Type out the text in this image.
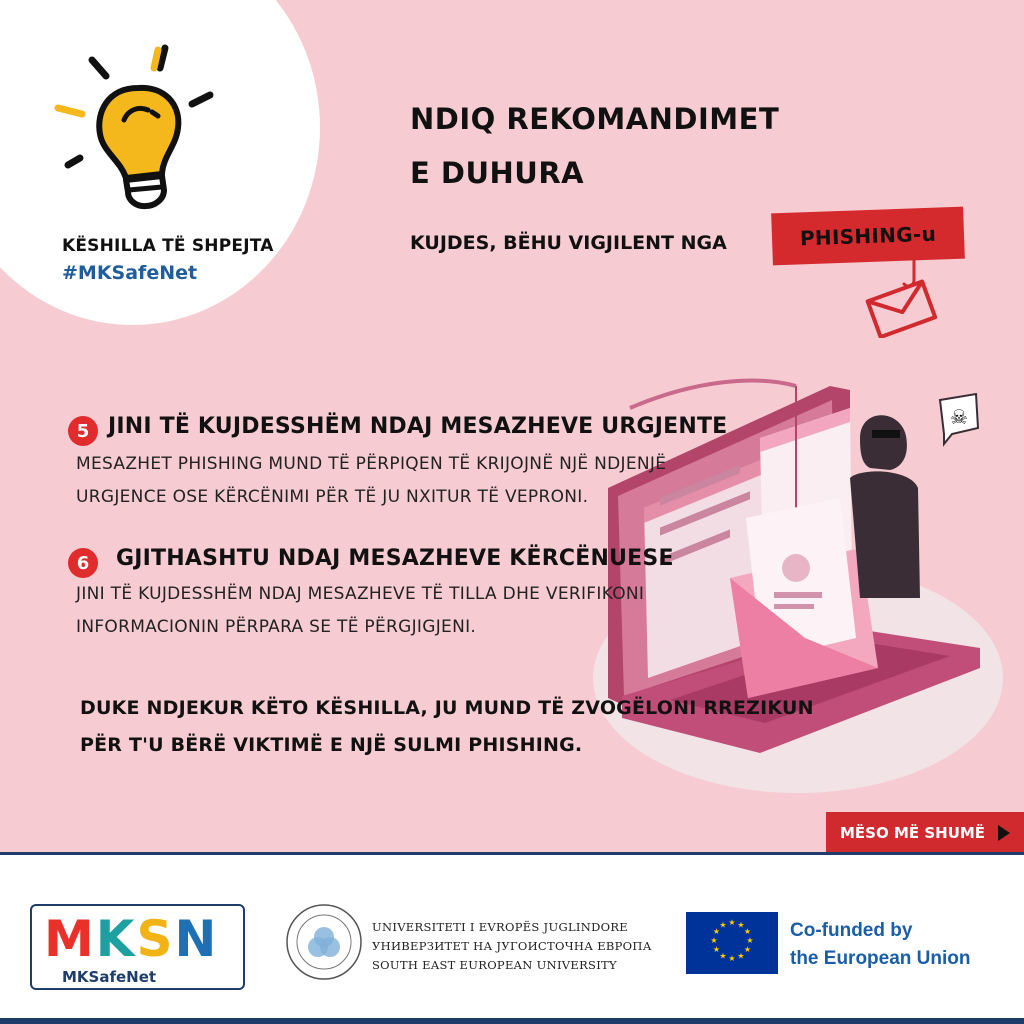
KËSHILLA TË SHPEJTA
#MKSafeNet
NDIQ REKOMANDIMET
E DUHURA
KUJDES, BËHU VIGJILENT NGA	PHISHING-u
☠
5 JINI TË KUJDESSHËM NDAJ MESAZHEVE URGJENTE
MESAZHET PHISHING MUND TË PËRPIQEN TË KRIJOJNË NJË NDJENJË
URGJENCE OSE KËRCËNIMI PËR TË JU NXITUR TË VEPRONI.
6	GJITHASHTU NDAJ MESAZHEVE KËRCËNUESE
JINI TË KUJDESSHËM NDAJ MESAZHEVE TË TILLA DHE VERIFIKONI
INFORMACIONIN PËRPARA SE TË PËRGJIGJENI.
DUKE NDJEKUR KËTO KËSHILLA, JU MUND TË ZVOGËLONI RREZIKUN
PËR T'U BËRË VIKTIMË E NJË SULMI PHISHING.
MËSO MË SHUMË
MKSN
MKSafeNet
UNIVERSITETI I EVROPËS JUGLINDORE
УНИВЕРЗИТЕТ НА ЈУГОИСТОЧНА ЕВРОПА
SOUTH EAST EUROPEAN UNIVERSITY
★ ★
★
★
★
★
★
★
★
★
★
★	Co-funded by
the European Union
